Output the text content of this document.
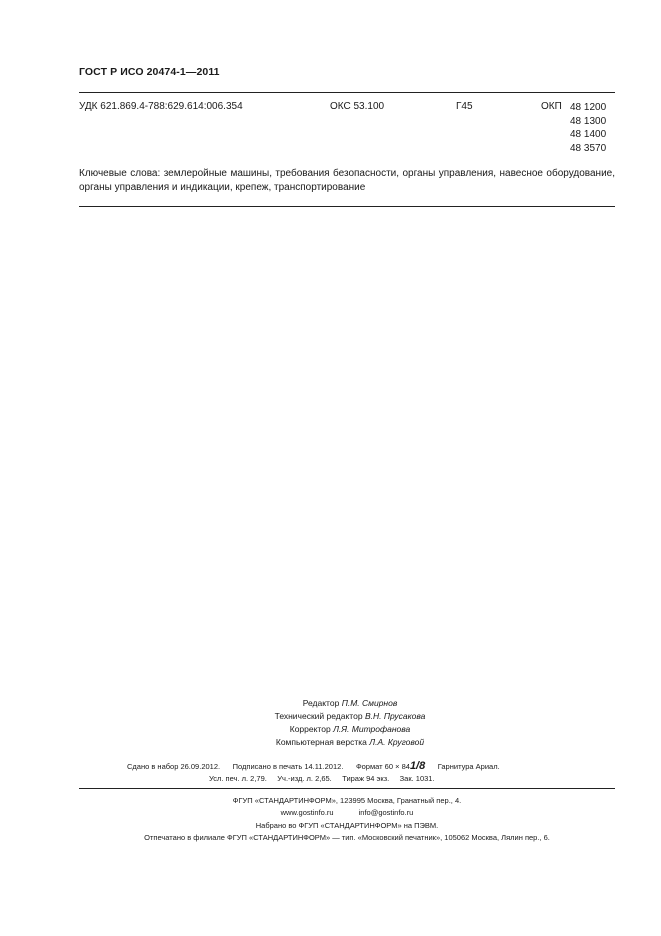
ГОСТ Р ИСО 20474-1—2011
УДК 621.869.4-788:629.614:006.354	ОКС 53.100	Г45	ОКП 48 1200
48 1300
48 1400
48 3570
Ключевые слова: землеройные машины, требования безопасности, органы управления, навесное оборудование, органы управления и индикации, крепеж, транспортирование
Редактор П.М. Смирнов
Технический редактор В.Н. Прусакова
Корректор Л.Я. Митрофанова
Компьютерная верстка Л.А. Круговой
Сдано в набор 26.09.2012. Подписано в печать 14.11.2012. Формат 60 × 841/8 Гарнитура Ариал.
Усл. печ. л. 2,79. Уч.-изд. л. 2,65. Тираж 94 экз. Зак. 1031.
ФГУП «СТАНДАРТИНФОРМ», 123995 Москва, Гранатный пер., 4.
www.gostinfo.ru	info@gostinfo.ru
Набрано во ФГУП «СТАНДАРТИНФОРМ» на ПЭВМ.
Отпечатано в филиале ФГУП «СТАНДАРТИНФОРМ» — тип. «Московский печатник», 105062 Москва, Лялин пер., 6.
